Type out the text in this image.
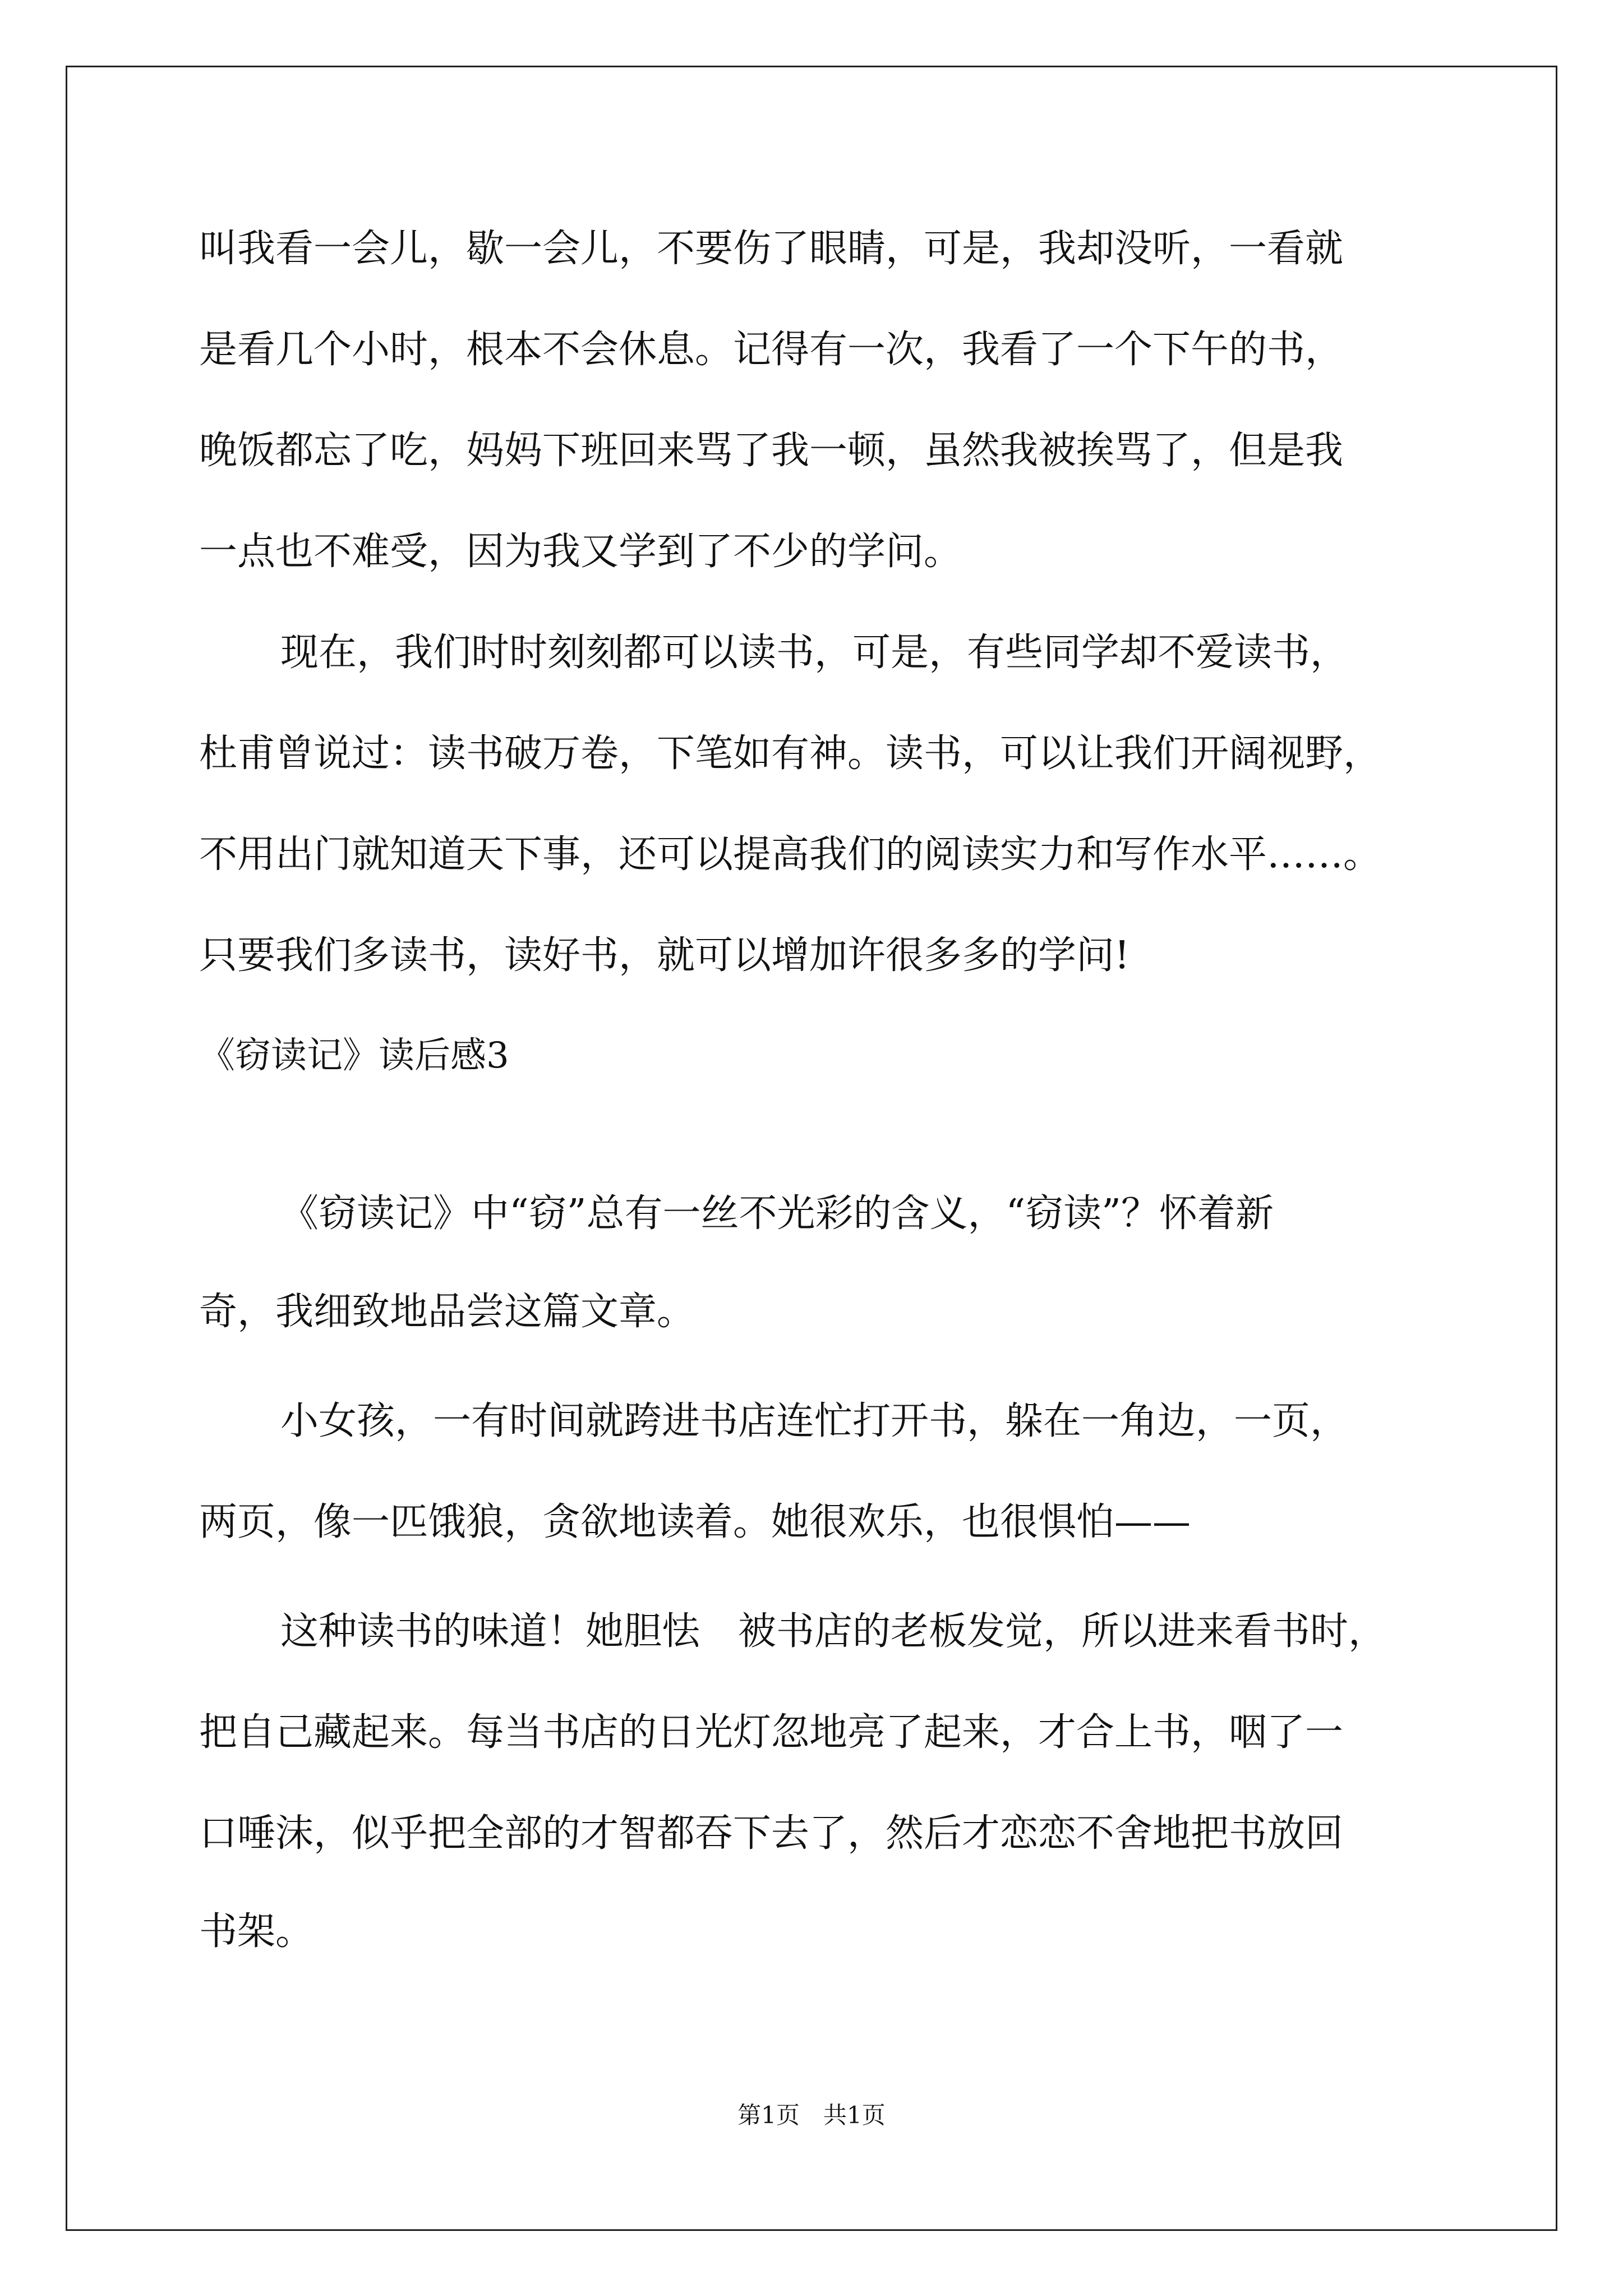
叫我看一会儿，歇一会儿，不要伤了眼睛，可是，我却没听，一看就
是看几个小时，根本不会休息。记得有一次，我看了一个下午的书，
晚饭都忘了吃，妈妈下班回来骂了我一顿，虽然我被挨骂了，但是我
一点也不难受，因为我又学到了不少的学问。
现在，我们时时刻刻都可以读书，可是，有些同学却不爱读书，
杜甫曾说过：读书破万卷，下笔如有神。读书，可以让我们开阔视野，
不用出门就知道天下事，还可以提高我们的阅读实力和写作水平……。
只要我们多读书，读好书，就可以增加许很多多的学问!
《窃读记》读后感3
《窃读记》中“窃”总有一丝不光彩的含义，“窃读”？怀着新
奇，我细致地品尝这篇文章。
小女孩，一有时间就跨进书店连忙打开书，躲在一角边，一页，
两页，像一匹饿狼，贪欲地读着。她很欢乐，也很惧怕——
这种读书的味道！她胆怯　被书店的老板发觉，所以进来看书时，
把自己藏起来。每当书店的日光灯忽地亮了起来，才合上书，咽了一
口唾沫，似乎把全部的才智都吞下去了，然后才恋恋不舍地把书放回
书架。
第1页　共1页
